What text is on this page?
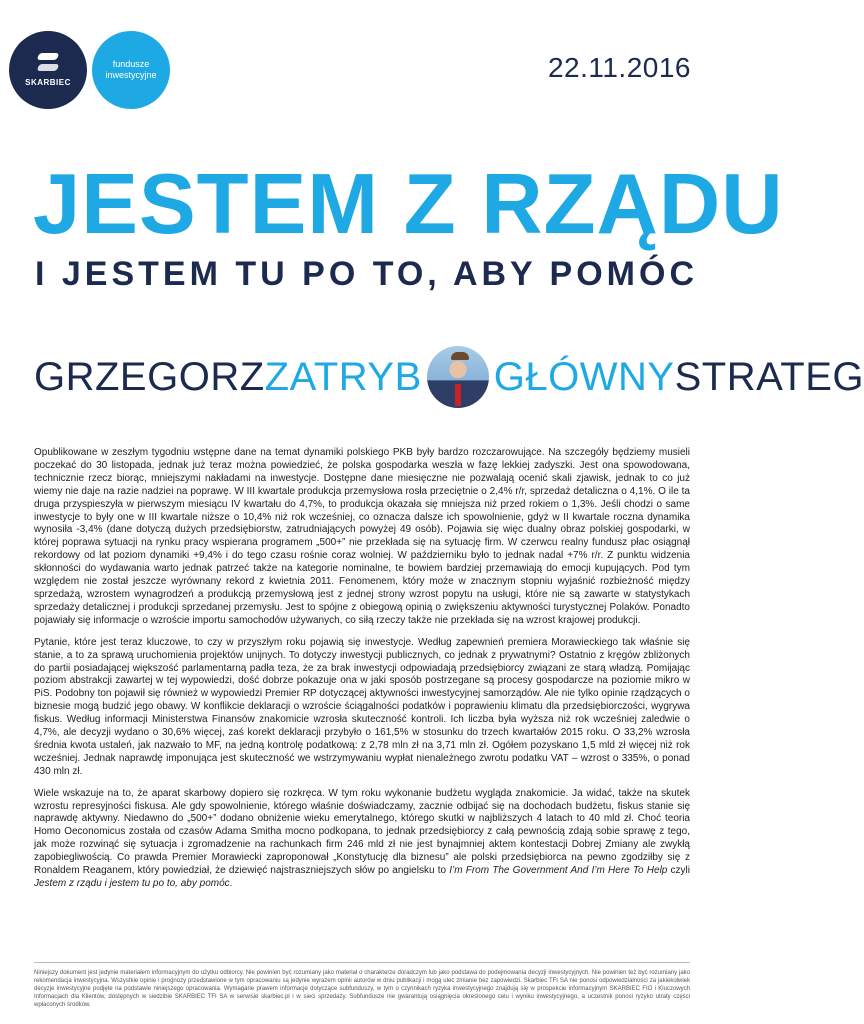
SKARBIEC
fundusze inwestycyjne	22.11.2016
JESTEM Z RZĄDU
I JESTEM TU PO TO, ABY POMÓC
GRZEGORZ ZATRYB GŁÓWNY STRATEG

Opublikowane w zeszłym tygodniu wstępne dane na temat dynamiki polskiego PKB były bardzo rozczarowujące. Na szczegóły będziemy musieli poczekać do 30 listopada, jednak już teraz można powiedzieć, że polska gospodarka weszła w fazę lekkiej zadyszki. Jest ona spowodowana, technicznie rzecz biorąc, mniejszymi nakładami na inwestycje. Dostępne dane miesięczne nie pozwalają ocenić skali zjawisk, jednak to co już wiemy nie daje na razie nadziei na poprawę. W III kwartale produkcja przemysłowa rosła przeciętnie o 2,4% r/r, sprzedaż detaliczna o 4,1%. O ile ta druga przyspieszyła w pierwszym miesiącu IV kwartału do 4,7%, to produkcja okazała się mniejsza niż przed rokiem o 1,3%. Jeśli chodzi o same inwestycje to były one w III kwartale niższe o 10,4% niż rok wcześniej, co oznacza dalsze ich spowolnienie, gdyż w II kwartale roczna dynamika wynosiła -3,4% (dane dotyczą dużych przedsiębiorstw, zatrudniających powyżej 49 osób). Pojawia się więc dualny obraz polskiej gospodarki, w której poprawa sytuacji na rynku pracy wspierana programem „500+” nie przekłada się na sytuację firm. W czerwcu realny fundusz płac osiągnął rekordowy od lat poziom dynamiki +9,4% i do tego czasu rośnie coraz wolniej. W październiku było to jednak nadal +7% r/r. Z punktu widzenia skłonności do wydawania warto jednak patrzeć także na kategorie nominalne, te bowiem bardziej przemawiają do emocji kupujących. Pod tym względem nie został jeszcze wyrównany rekord z kwietnia 2011. Fenomenem, który może w znacznym stopniu wyjaśnić rozbieżność między sprzedażą, wzrostem wynagrodzeń a produkcją przemysłową jest z jednej strony wzrost popytu na usługi, które nie są zawarte w statystykach sprzedaży detalicznej i produkcji sprzedanej przemysłu. Jest to spójne z obiegową opinią o zwiększeniu aktywności turystycznej Polaków. Ponadto pojawiały się informacje o wzroście importu samochodów używanych, co siłą rzeczy także nie przekłada się na wzrost krajowej produkcji.

Pytanie, które jest teraz kluczowe, to czy w przyszłym roku pojawią się inwestycje. Według zapewnień premiera Morawieckiego tak właśnie się stanie, a to za sprawą uruchomienia projektów unijnych. To dotyczy inwestycji publicznych, co jednak z prywatnymi? Ostatnio z kręgów zbliżonych do partii posiadającej większość parlamentarną padła teza, że za brak inwestycji odpowiadają przedsiębiorcy związani ze starą władzą. Pomijając poziom abstrakcji zawartej w tej wypowiedzi, dość dobrze pokazuje ona w jaki sposób postrzegane są procesy gospodarcze na poziomie mikro w PiS. Podobny ton pojawił się również w wypowiedzi Premier RP dotyczącej aktywności inwestycyjnej samorządów. Ale nie tylko opinie rządzących o biznesie mogą budzić jego obawy. W konflikcie deklaracji o wzroście ściągalności podatków i poprawieniu klimatu dla przedsiębiorczości, wygrywa fiskus. Według informacji Ministerstwa Finansów znakomicie wzrosła skuteczność kontroli. Ich liczba była wyższa niż rok wcześniej zaledwie o 4,7%, ale decyzji wydano o 30,6% więcej, zaś korekt deklaracji przybyło o 161,5% w stosunku do trzech kwartałów 2015 roku. O 33,2% wzrosła średnia kwota ustaleń, jak nazwało to MF, na jedną kontrolę podatkową: z 2,78 mln zł na 3,71 mln zł. Ogółem pozyskano 1,5 mld zł więcej niż rok wcześniej. Jednak naprawdę imponująca jest skuteczność we wstrzymywaniu wypłat nienależnego zwrotu podatku VAT – wzrost o 335%, o ponad 430 mln zł.

Wiele wskazuje na to, że aparat skarbowy dopiero się rozkręca. W tym roku wykonanie budżetu wygląda znakomicie. Ja widać, także na skutek wzrostu represyjności fiskusa. Ale gdy spowolnienie, którego właśnie doświadczamy, zacznie odbijać się na dochodach budżetu, fiskus stanie się naprawdę aktywny. Niedawno do „500+” dodano obniżenie wieku emerytalnego, którego skutki w najbliższych 4 latach to 40 mld zł. Choć teoria Homo Oeconomicus została od czasów Adama Smitha mocno podkopana, to jednak przedsiębiorcy z całą pewnością zdają sobie sprawę z tego, jak może rozwinąć się sytuacja i zgromadzenie na rachunkach firm 246 mld zł nie jest bynajmniej aktem kontestacji Dobrej Zmiany ale zwykłą zapobiegliwością. Co prawda Premier Morawiecki zaproponował „Konstytucję dla biznesu” ale polski przedsiębiorca na pewno zgodziłby się z Ronaldem Reaganem, który powiedział, że dziewięć najstraszniejszych słów po angielsku to I’m From The Government And I’m Here To Help czyli Jestem z rządu i jestem tu po to, aby pomóc.

Niniejszy dokument jest jedynie materiałem informacyjnym do użytku odbiorcy. Nie powinien być rozumiany jako materiał o charakterze doradczym lub jako podstawa do podejmowania decyzji inwestycyjnych. Nie powinien też być rozumiany jako rekomendacja inwestycyjna. Wszystkie opinie i prognozy przedstawione w tym opracowaniu są jedynie wyrazem opinii autorów w dniu publikacji i mogą ulec zmianie bez zapowiedzi. Skarbiec TFI SA nie ponosi odpowiedzialności za jakiekolwiek decyzje inwestycyjne podjęte na podstawie niniejszego opracowania. Wymagane prawem informacje dotyczące subfunduszy, w tym o czynnikach ryzyka inwestycyjnego znajdują się w prospekcie informacyjnym SKARBIEC FIO i Kluczowych Informacjach dla Klientów, dostępnych w siedzibie SKARBIEC TFI SA w serwisie skarbiec.pl i w sieci sprzedaży. Subfundusze nie gwarantują osiągnięcia określonego celu i wyniku inwestycyjnego, a uczestnik ponosi ryzyko utraty części wpłaconych środków.
